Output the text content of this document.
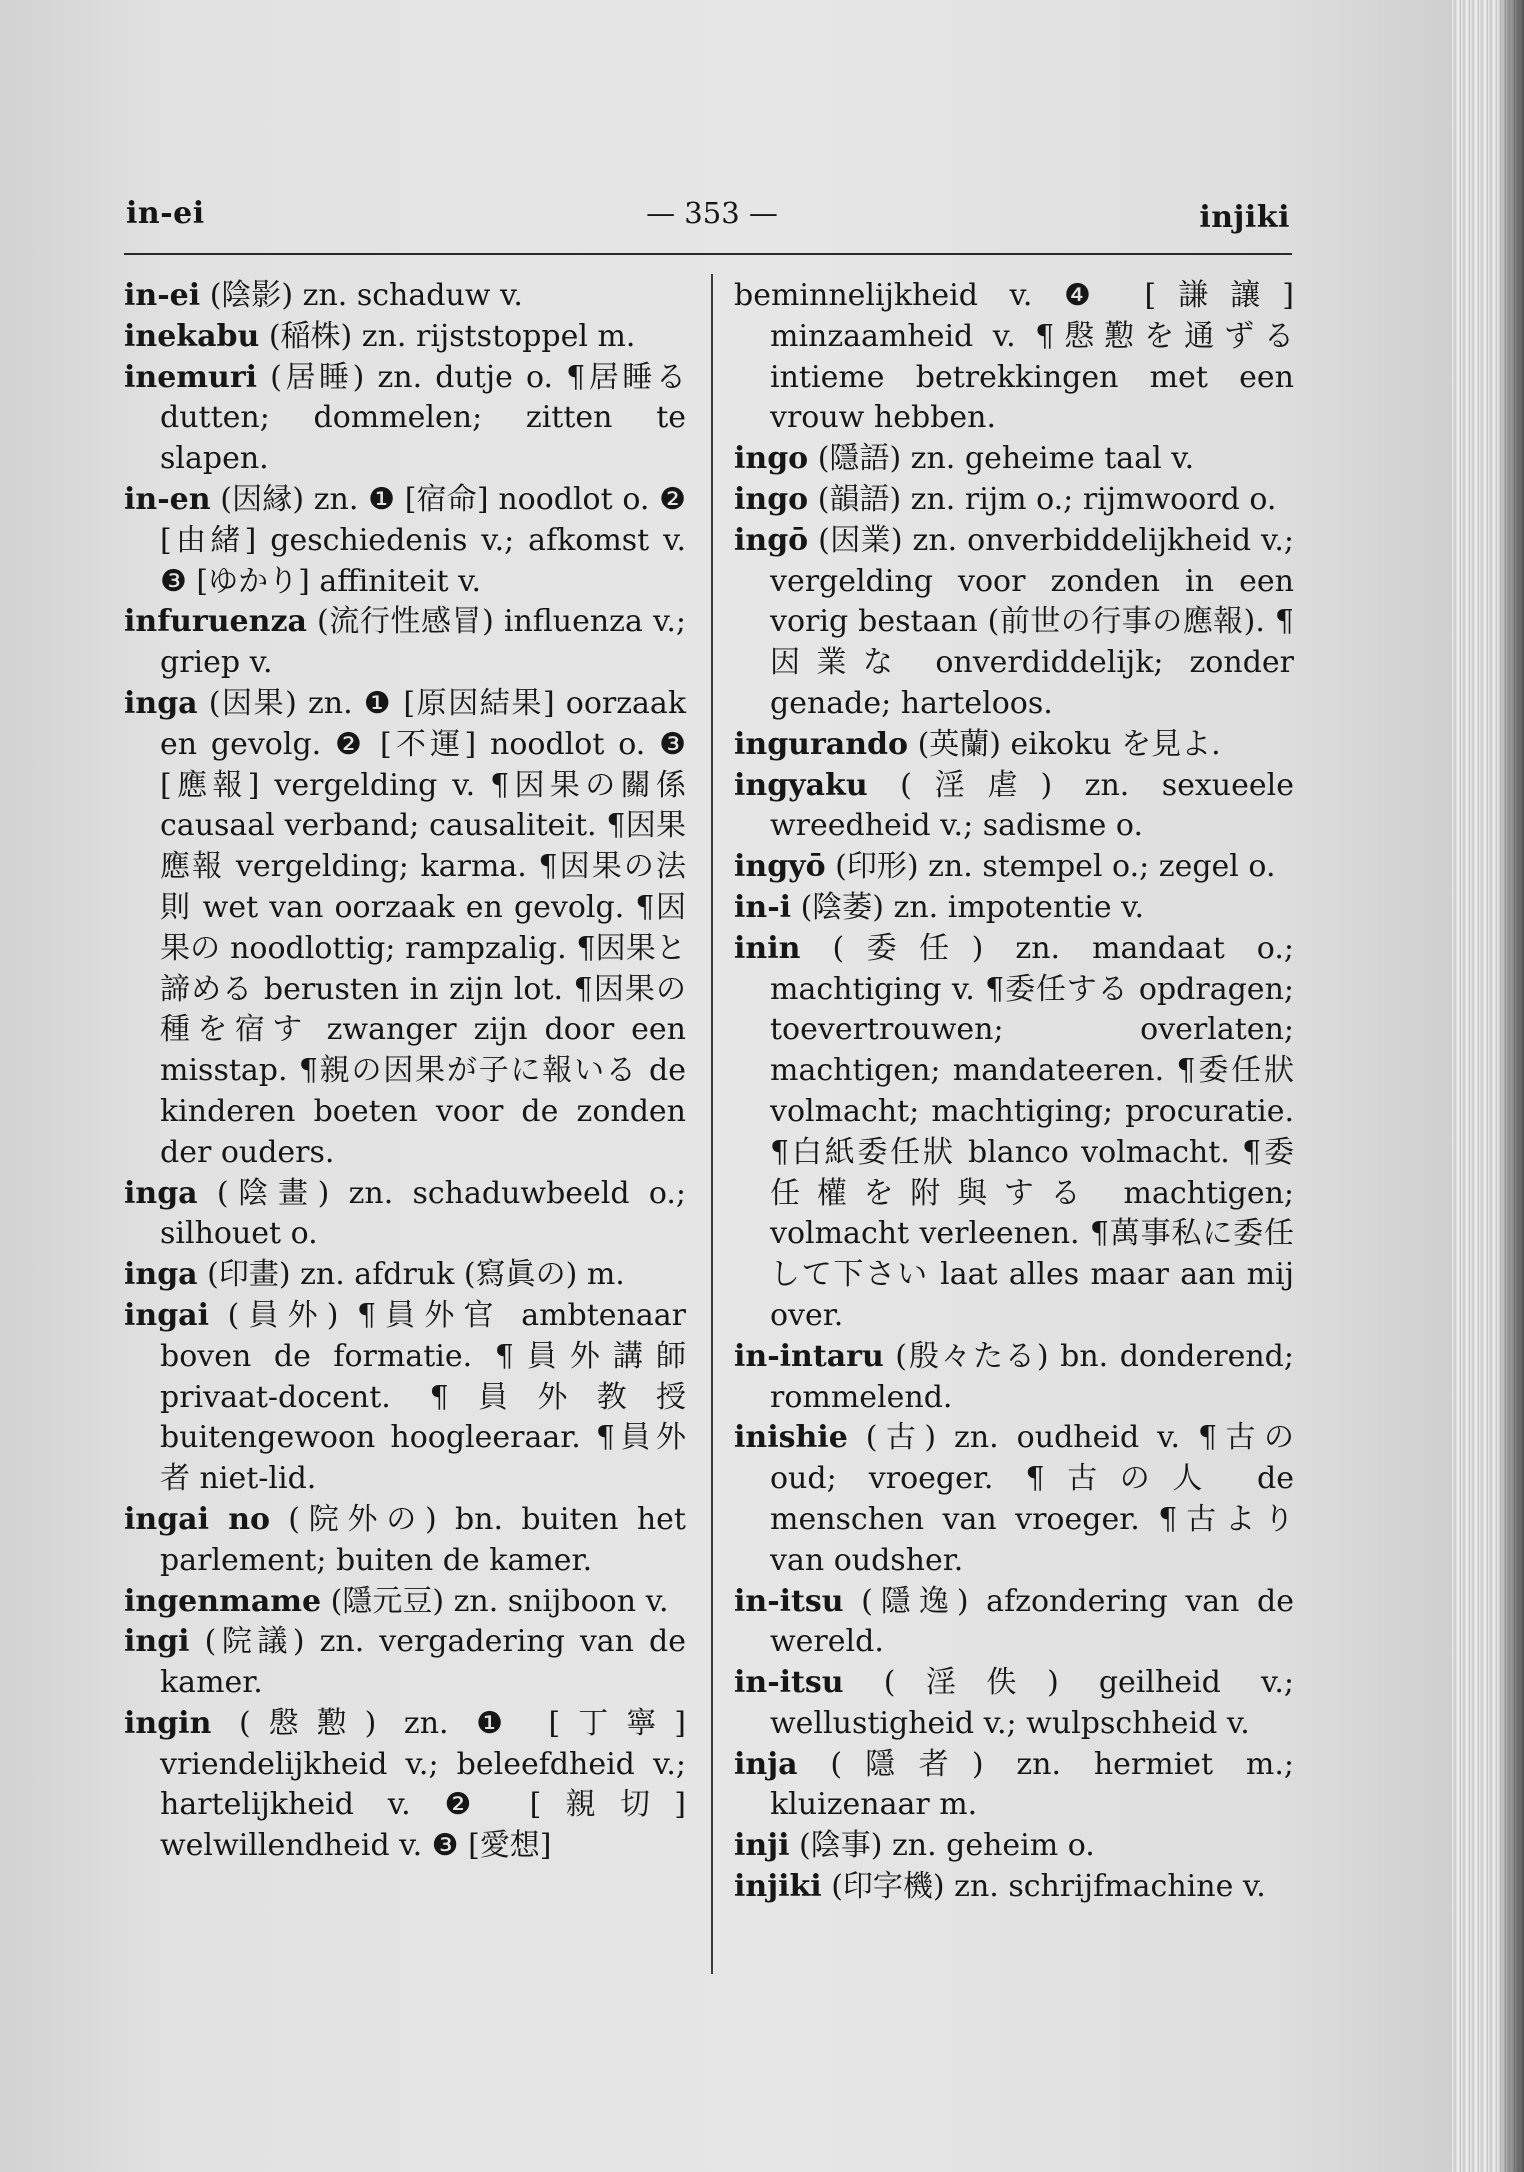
in-ei	— 353 —	injiki

in-ei (陰影) zn. schaduw v.

inekabu (稲株) zn. rijststoppel m.

inemuri (居睡) zn. dutje o. ¶居睡る dutten; dommelen; zitten te slapen.

in-en (因縁) zn. ❶ [宿命] noodlot o. ❷ [由緒] geschiedenis v.; afkomst v. ❸ [ゆかり] affiniteit v.

infuruenza (流行性感冒) influenza v.; griep v.

inga (因果) zn. ❶ [原因結果] oorzaak en gevolg. ❷ [不運] noodlot o. ❸ [應報] vergelding v. ¶因果の關係 causaal verband; causaliteit. ¶因果應報 vergelding; karma. ¶因果の法則 wet van oorzaak en gevolg. ¶因果の noodlottig; rampzalig. ¶因果と諦める berusten in zijn lot. ¶因果の種を宿す zwanger zijn door een misstap. ¶親の因果が子に報いる de kinderen boeten voor de zonden der ouders.

inga (陰畫) zn. schaduwbeeld o.; silhouet o.

inga (印畫) zn. afdruk (寫眞の) m.

ingai (員外) ¶員外官 ambtenaar boven de formatie. ¶員外講師 privaat-docent. ¶員外教授 buitengewoon hoogleeraar. ¶員外者 niet-lid.

ingai no (院外の) bn. buiten het parlement; buiten de kamer.

ingenmame (隱元豆) zn. snijboon v.

ingi (院議) zn. vergadering van de kamer.

ingin (慇懃) zn. ❶ [丁寧] vriendelijkheid v.; beleefdheid v.; hartelijkheid v. ❷ [親切] welwillendheid v. ❸ [愛想]

beminnelijkheid v. ❹ [謙讓] minzaamheid v. ¶慇懃を通ずる intieme betrekkingen met een vrouw hebben.

ingo (隱語) zn. geheime taal v.

ingo (韻語) zn. rijm o.; rijmwoord o.

ingō (因業) zn. onverbiddelijkheid v.; vergelding voor zonden in een vorig bestaan (前世の行事の應報). ¶因業な onverdiddelijk; zonder genade; harteloos.

ingurando (英蘭) eikoku を見よ.

ingyaku (淫虐) zn. sexueele wreedheid v.; sadisme o.

ingyō (印形) zn. stempel o.; zegel o.

in-i (陰萎) zn. impotentie v.

inin (委任) zn. mandaat o.; machtiging v. ¶委任する opdragen; toevertrouwen; overlaten; machtigen; mandateeren. ¶委任狀 volmacht; machtiging; procuratie. ¶白紙委任狀 blanco volmacht. ¶委任權を附與する machtigen; volmacht verleenen. ¶萬事私に委任して下さい laat alles maar aan mij over.

in-intaru (殷々たる) bn. donderend; rommelend.

inishie (古) zn. oudheid v. ¶古の oud; vroeger. ¶古の人 de menschen van vroeger. ¶古より van oudsher.

in-itsu (隱逸) afzondering van de wereld.

in-itsu (淫佚) geilheid v.; wellustigheid v.; wulpschheid v.

inja (隱者) zn. hermiet m.; kluizenaar m.

inji (陰事) zn. geheim o.

injiki (印字機) zn. schrijfmachine v.
